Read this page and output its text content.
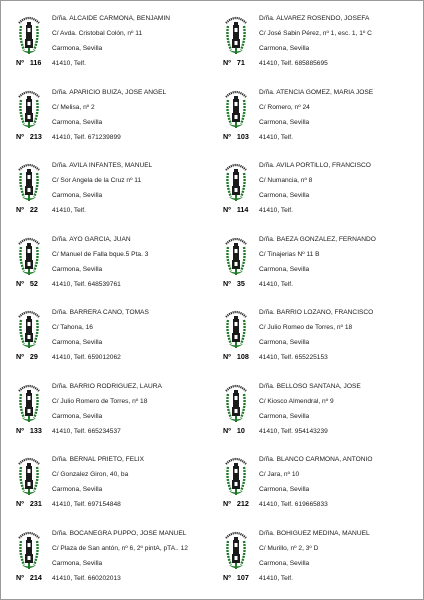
Nº 116
D/ña. ALCAIDE CARMONA, BENJAMIN
C/ Avda. Cristobal Colón, nº 11
Carmona, Sevilla
41410, Telf.	Nº 71
D/ña. ALVAREZ ROSENDO, JOSEFA
C/ José Sabin Pérez, nº 1, esc. 1, 1º C
Carmona, Sevilla
41410, Telf. 685885695
Nº 213
D/ña. APARICIO BUIZA, JOSE ANGEL
C/ Melisa, nº 2
Carmona, Sevilla
41410, Telf. 671239899	Nº 103
D/ña. ATENCIA GOMEZ, MARIA JOSE
C/ Romero, nº 24
Carmona, Sevilla
41410, Telf.
Nº 22
D/ña. AVILA INFANTES, MANUEL
C/ Sor Angela de la Cruz nº 11
Carmona, Sevilla
41410, Telf.	Nº 114
D/ña. AVILA PORTILLO, FRANCISCO
C/ Numancia, nº 8
Carmona, Sevilla
41410, Telf.
Nº 52
D/ña. AYO GARCIA, JUAN
C/ Manuel de Falla bque.5 Pta. 3
Carmona, Sevilla
41410, Telf. 648539761	Nº 35
D/ña. BAEZA GONZALEZ, FERNANDO
C/ Tinajerias Nº 11 B
Carmona, Sevilla
41410, Telf.
Nº 29
D/ña. BARRERA CANO, TOMAS
C/ Tahona, 16
Carmona, Sevilla
41410, Telf. 659012062	Nº 108
D/ña. BARRIO LOZANO, FRANCISCO
C/ Julio Romeo de Torres, nº 18
Carmona, Sevilla
41410, Telf. 655225153
Nº 133
D/ña. BARRIO RODRIGUEZ, LAURA
C/ Julio Romero de Torres, nº 18
Carmona, Sevilla
41410, Telf. 665234537	Nº 10
D/ña. BELLOSO SANTANA, JOSE
C/ Kiosco Almendral, nº 9
Carmona, Sevilla
41410, Telf. 954143239
Nº 231
D/ña. BERNAL PRIETO, FELIX
C/ Gonzalez Giron, 40, ba
Carmona, Sevilla
41410, Telf. 697154848	Nº 212
D/ña. BLANCO CARMONA, ANTONIO
C/ Jara, nº 10
Carmona, Sevilla
41410, Telf. 619665833
Nº 214
D/ña. BOCANEGRA PUPPO, JOSE MANUEL
C/ Plaza de San antón, nº 6, 2º pintA, pTA.. 12
Carmona, Sevilla
41410, Telf. 660202013	Nº 107
D/ña. BOHIGUEZ MEDINA, MANUEL
C/ Murillo, nº 2, 3º D
Carmona, Sevilla
41410, Telf.
